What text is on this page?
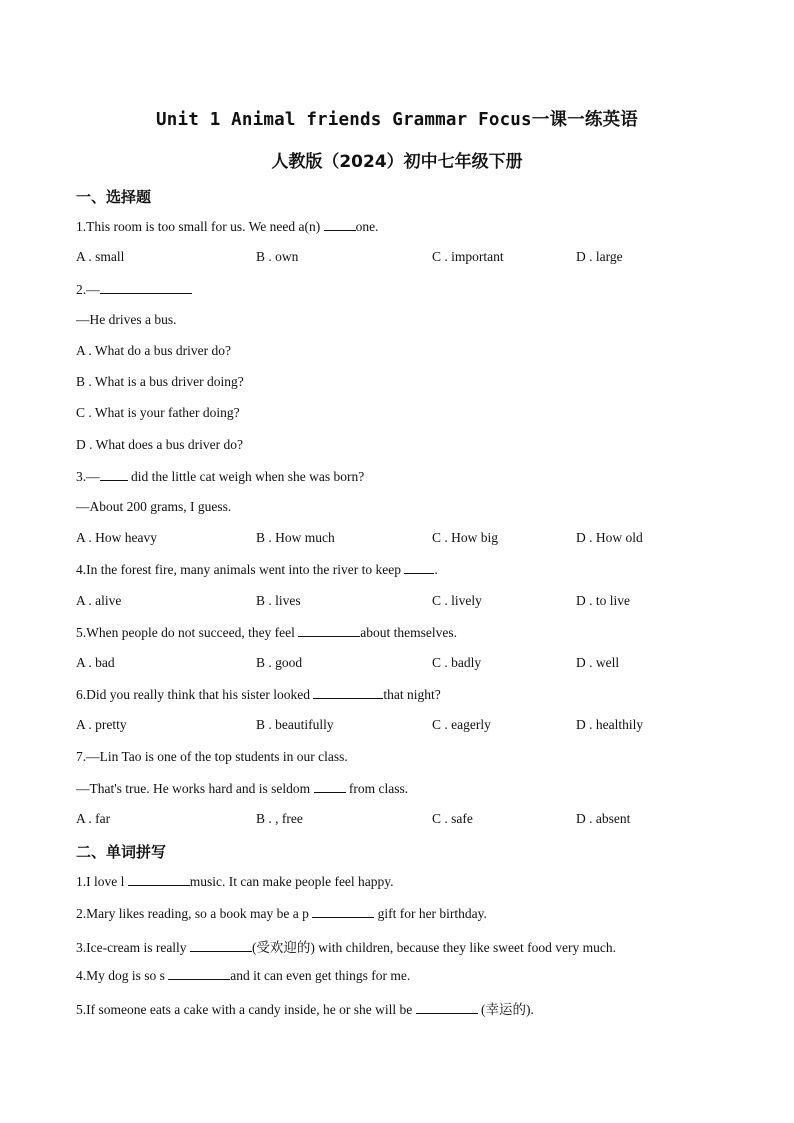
Unit 1 Animal friends Grammar Focus一课一练英语
人教版（2024）初中七年级下册
一、选择题
1.This room is too small for us. We need a(n) one.
A . small	B . own	C . important	D . large
2.—
—He drives a bus.
A . What do a bus driver do?
B . What is a bus driver doing?
C . What is your father doing?
D . What does a bus driver do?
3.— did the little cat weigh when she was born?
—About 200 grams, I guess.
A . How heavy	B . How much	C . How big	D . How old
4.In the forest fire, many animals went into the river to keep .
A . alive	B . lives	C . lively	D . to live
5.When people do not succeed, they feel	about themselves.
A . bad	B . good	C . badly	D . well
6.Did you really think that his sister looked	that night?
A . pretty	B . beautifully	C . eagerly	D . healthily
7.—Lin Tao is one of the top students in our class.
—That's true. He works hard and is seldom  from class.
A . far	B . , free	C . safe	D . absent
二、单词拼写
1.I love l	music. It can make people feel happy.
2.Mary likes reading, so a book may be a p	gift for her birthday.
3.Ice-cream is really	(受欢迎的) with children, because they like sweet food very much.
4.My dog is so s	and it can even get things for me.
5.If someone eats a cake with a candy inside, he or she will be	(幸运的).
